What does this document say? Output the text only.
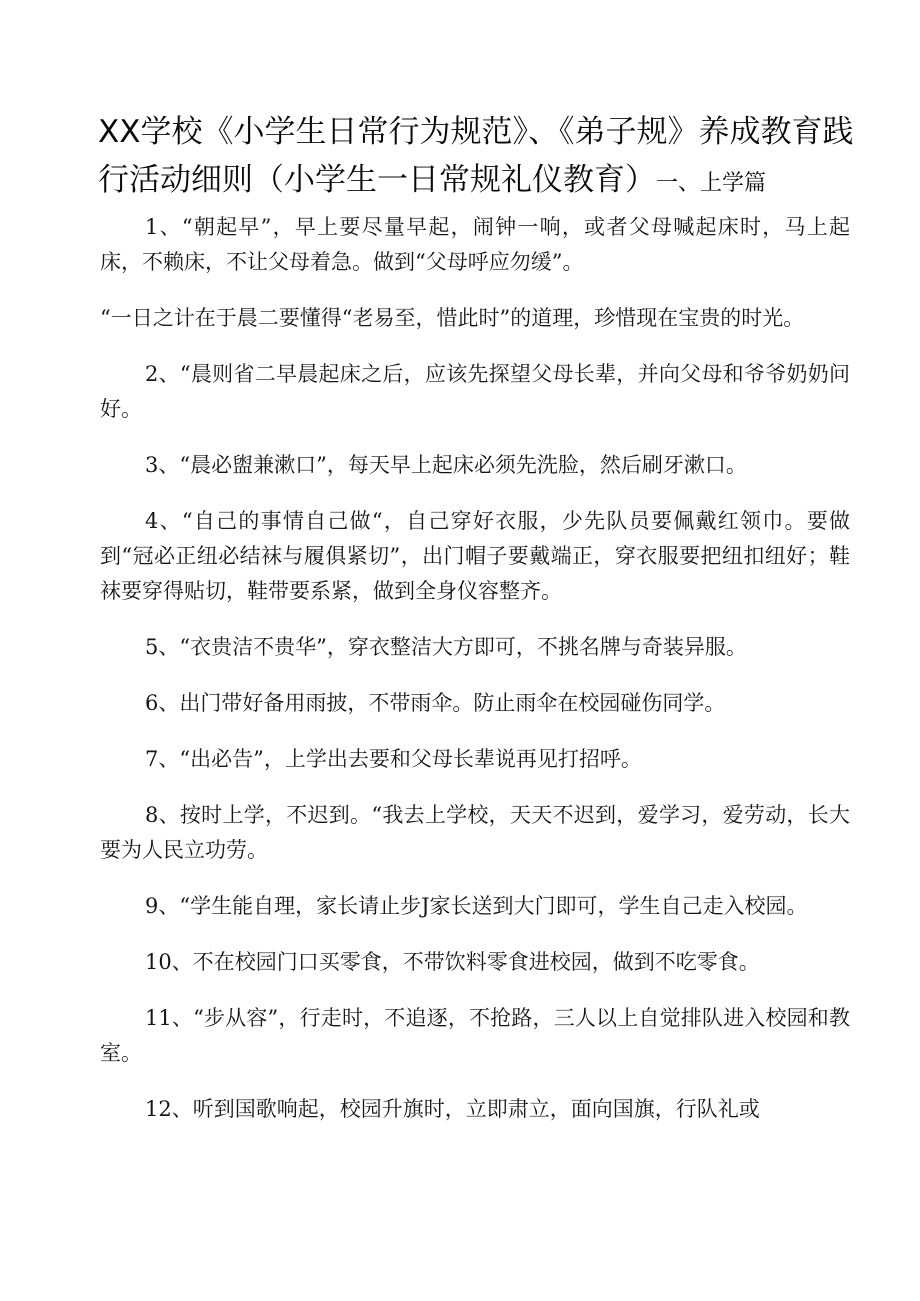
XX学校《小学生日常行为规范》、《弟子规》养成教育践行活动细则（小学生一日常规礼仪教育）一、上学篇

1、“朝起早”，早上要尽量早起，闹钟一响，或者父母喊起床时，马上起床，不赖床，不让父母着急。做到“父母呼应勿缓”。

“一日之计在于晨二要懂得“老易至，惜此时”的道理，珍惜现在宝贵的时光。

2、“晨则省二早晨起床之后，应该先探望父母长辈，并向父母和爷爷奶奶问好。

3、“晨必盥兼漱口”，每天早上起床必须先洗脸，然后刷牙漱口。

4、“自己的事情自己做“，自己穿好衣服，少先队员要佩戴红领巾。要做到“冠必正纽必结袜与履俱紧切”，出门帽子要戴端正，穿衣服要把纽扣纽好；鞋袜要穿得贴切，鞋带要系紧，做到全身仪容整齐。

5、“衣贵洁不贵华”，穿衣整洁大方即可，不挑名牌与奇装异服。

6、出门带好备用雨披，不带雨伞。防止雨伞在校园碰伤同学。

7、“出必告”，上学出去要和父母长辈说再见打招呼。

8、按时上学，不迟到。“我去上学校，天天不迟到，爱学习，爱劳动，长大要为人民立功劳。

9、“学生能自理，家长请止步J家长送到大门即可，学生自己走入校园。

10、不在校园门口买零食，不带饮料零食进校园，做到不吃零食。

11、“步从容”，行走时，不追逐，不抢路，三人以上自觉排队进入校园和教室。

12、听到国歌响起，校园升旗时，立即肃立，面向国旗，行队礼或
